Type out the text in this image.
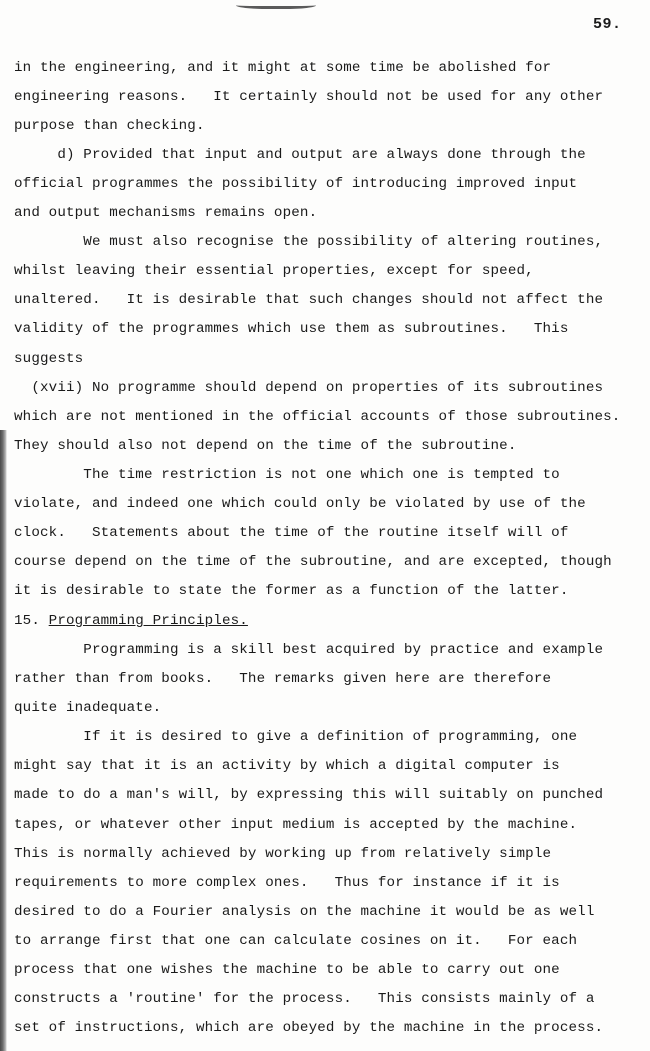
59.
in the engineering, and it might at some time be abolished for
engineering reasons.   It certainly should not be used for any other
purpose than checking.
d) Provided that input and output are always done through the
official programmes the possibility of introducing improved input
and output mechanisms remains open.
We must also recognise the possibility of altering routines,
whilst leaving their essential properties, except for speed,
unaltered.   It is desirable that such changes should not affect the
validity of the programmes which use them as subroutines.   This
suggests
(xvii) No programme should depend on properties of its subroutines
which are not mentioned in the official accounts of those subroutines.
They should also not depend on the time of the subroutine.
The time restriction is not one which one is tempted to
violate, and indeed one which could only be violated by use of the
clock.   Statements about the time of the routine itself will of
course depend on the time of the subroutine, and are excepted, though
it is desirable to state the former as a function of the latter.
15. Programming Principles.
Programming is a skill best acquired by practice and example
rather than from books.   The remarks given here are therefore
quite inadequate.
If it is desired to give a definition of programming, one
might say that it is an activity by which a digital computer is
made to do a man's will, by expressing this will suitably on punched
tapes, or whatever other input medium is accepted by the machine.
This is normally achieved by working up from relatively simple
requirements to more complex ones.   Thus for instance if it is
desired to do a Fourier analysis on the machine it would be as well
to arrange first that one can calculate cosines on it.   For each
process that one wishes the machine to be able to carry out one
constructs a 'routine' for the process.   This consists mainly of a
set of instructions, which are obeyed by the machine in the process.
